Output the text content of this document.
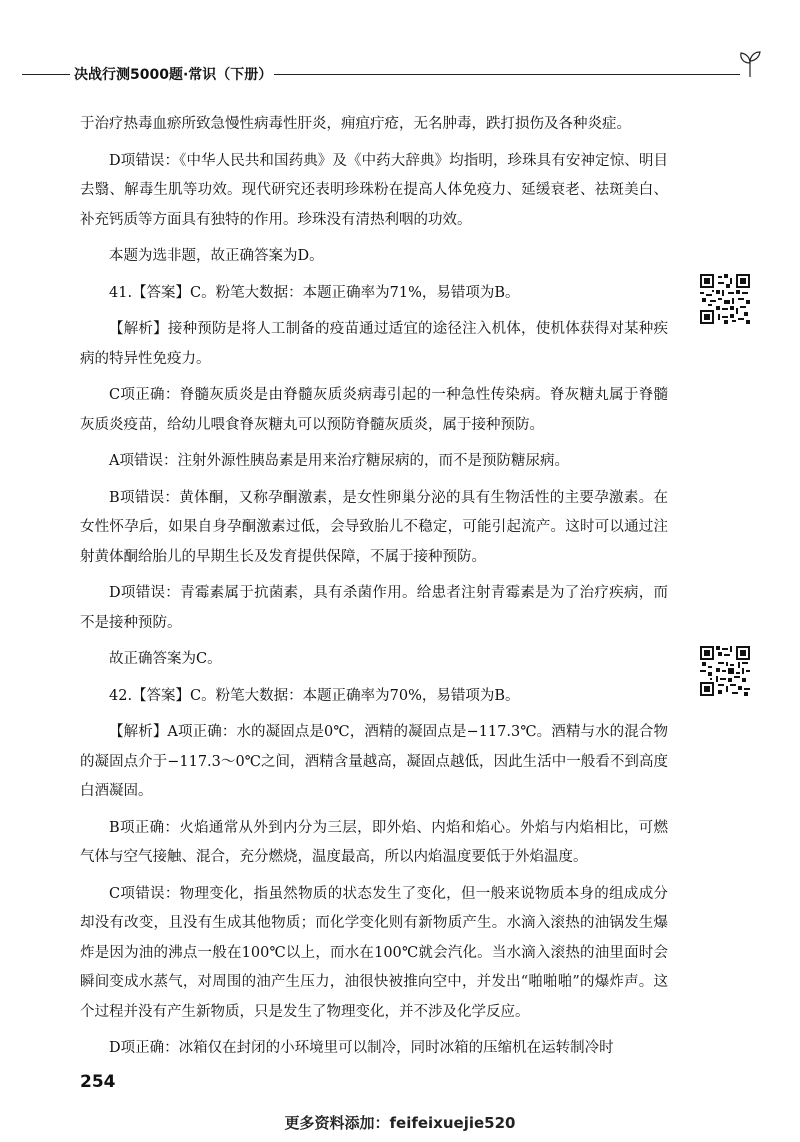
决战行测5000题·常识（下册）

于治疗热毒血瘀所致急慢性病毒性肝炎，痈疽疔疮，无名肿毒，跌打损伤及各种炎症。

D项错误：《中华人民共和国药典》及《中药大辞典》均指明，珍珠具有安神定惊、明目去翳、解毒生肌等功效。现代研究还表明珍珠粉在提高人体免疫力、延缓衰老、祛斑美白、补充钙质等方面具有独特的作用。珍珠没有清热利咽的功效。

本题为选非题，故正确答案为D。

41.【答案】C。粉笔大数据：本题正确率为71%，易错项为B。

【解析】接种预防是将人工制备的疫苗通过适宜的途径注入机体，使机体获得对某种疾病的特异性免疫力。

C项正确：脊髓灰质炎是由脊髓灰质炎病毒引起的一种急性传染病。脊灰糖丸属于脊髓灰质炎疫苗，给幼儿喂食脊灰糖丸可以预防脊髓灰质炎，属于接种预防。

A项错误：注射外源性胰岛素是用来治疗糖尿病的，而不是预防糖尿病。

B项错误：黄体酮，又称孕酮激素，是女性卵巢分泌的具有生物活性的主要孕激素。在女性怀孕后，如果自身孕酮激素过低，会导致胎儿不稳定，可能引起流产。这时可以通过注射黄体酮给胎儿的早期生长及发育提供保障，不属于接种预防。

D项错误：青霉素属于抗菌素，具有杀菌作用。给患者注射青霉素是为了治疗疾病，而不是接种预防。

故正确答案为C。

42.【答案】C。粉笔大数据：本题正确率为70%，易错项为B。

【解析】A项正确：水的凝固点是0℃，酒精的凝固点是−117.3℃。酒精与水的混合物的凝固点介于−117.3～0℃之间，酒精含量越高，凝固点越低，因此生活中一般看不到高度白酒凝固。

B项正确：火焰通常从外到内分为三层，即外焰、内焰和焰心。外焰与内焰相比，可燃气体与空气接触、混合，充分燃烧，温度最高，所以内焰温度要低于外焰温度。

C项错误：物理变化，指虽然物质的状态发生了变化，但一般来说物质本身的组成成分却没有改变，且没有生成其他物质；而化学变化则有新物质产生。水滴入滚热的油锅发生爆炸是因为油的沸点一般在100℃以上，而水在100℃就会汽化。当水滴入滚热的油里面时会瞬间变成水蒸气，对周围的油产生压力，油很快被推向空中，并发出“啪啪啪”的爆炸声。这个过程并没有产生新物质，只是发生了物理变化，并不涉及化学反应。

D项正确：冰箱仅在封闭的小环境里可以制冷，同时冰箱的压缩机在运转制冷时

254
更多资料添加：feifeixuejie520
